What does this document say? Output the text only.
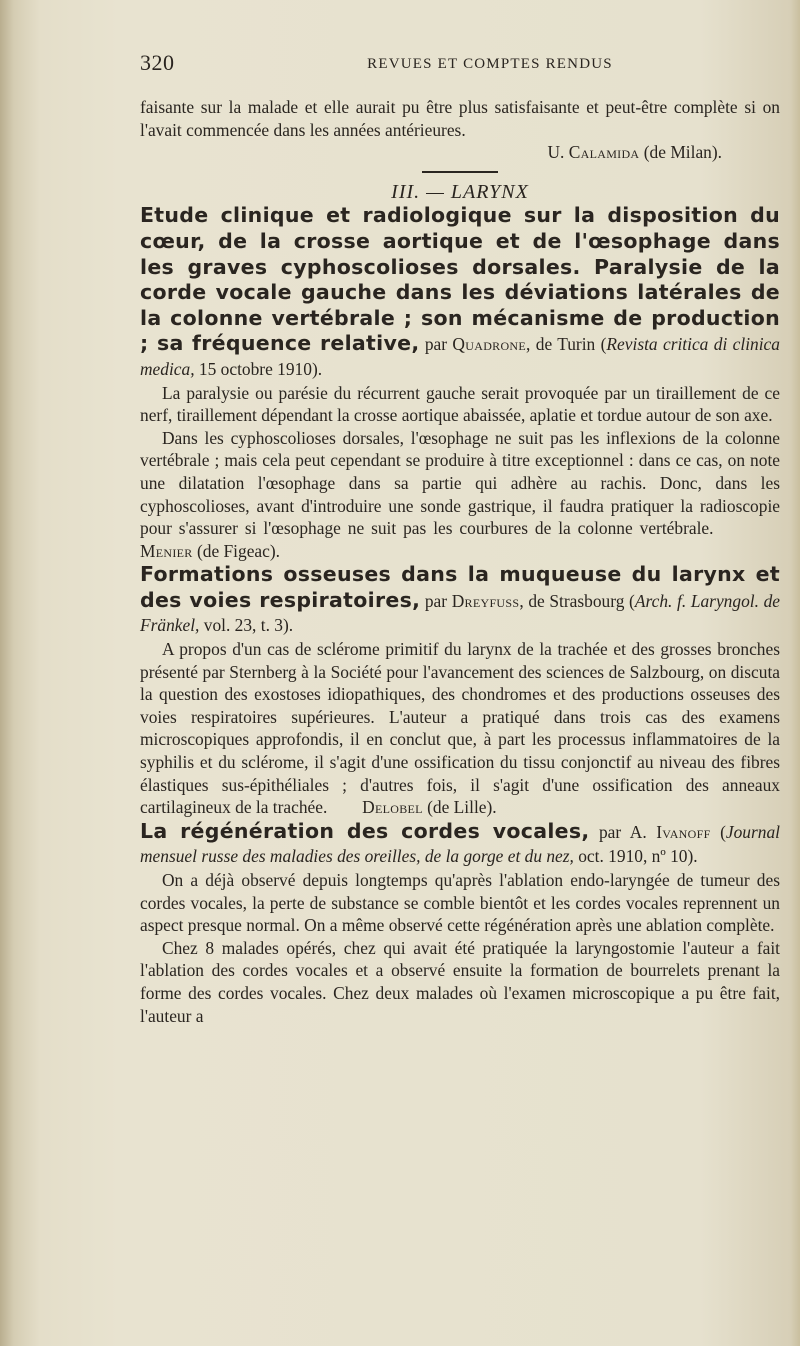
320	REVUES ET COMPTES RENDUS

faisante sur la malade et elle aurait pu être plus satisfaisante et peut-être complète si on l'avait commencée dans les années antérieures.

U. Calamida (de Milan).

III. — LARYNX

Etude clinique et radiologique sur la disposition du cœur, de la crosse aortique et de l'œsophage dans les graves cyphoscolioses dorsales. Paralysie de la corde vocale gauche dans les déviations latérales de la colonne vertébrale ; son mécanisme de production ; sa fréquence relative, par Quadrone, de Turin (Revista critica di clinica medica, 15 octobre 1910).

La paralysie ou parésie du récurrent gauche serait provoquée par un tiraillement de ce nerf, tiraillement dépendant la crosse aortique abaissée, aplatie et tordue autour de son axe.

Dans les cyphoscolioses dorsales, l'œsophage ne suit pas les inflexions de la colonne vertébrale ; mais cela peut cependant se produire à titre exceptionnel : dans ce cas, on note une dilatation l'œsophage dans sa partie qui adhère au rachis. Donc, dans les cyphoscolioses, avant d'introduire une sonde gastrique, il faudra pratiquer la radioscopie pour s'assurer si l'œsophage ne suit pas les courbures de la colonne vertébrale.           Menier (de Figeac).

Formations osseuses dans la muqueuse du larynx et des voies respiratoires, par Dreyfuss, de Strasbourg (Arch. f. Laryngol. de Fränkel, vol. 23, t. 3).

A propos d'un cas de sclérome primitif du larynx de la trachée et des grosses bronches présenté par Sternberg à la Société pour l'avancement des sciences de Salzbourg, on discuta la question des exostoses idiopathiques, des chondromes et des productions osseuses des voies respiratoires supérieures. L'auteur a pratiqué dans trois cas des examens microscopiques approfondis, il en conclut que, à part les processus inflammatoires de la syphilis et du sclérome, il s'agit d'une ossification du tissu conjonctif au niveau des fibres élastiques sus-épithéliales ; d'autres fois, il s'agit d'une ossification des anneaux cartilagineux de la trachée. Delobel (de Lille).

La régénération des cordes vocales, par A. Ivanoff (Journal mensuel russe des maladies des oreilles, de la gorge et du nez, oct. 1910, nº 10).

On a déjà observé depuis longtemps qu'après l'ablation endo-laryngée de tumeur des cordes vocales, la perte de substance se comble bientôt et les cordes vocales reprennent un aspect presque normal. On a même observé cette régénération après une ablation complète.

Chez 8 malades opérés, chez qui avait été pratiquée la laryngostomie l'auteur a fait l'ablation des cordes vocales et a observé ensuite la formation de bourrelets prenant la forme des cordes vocales. Chez deux malades où l'examen microscopique a pu être fait, l'auteur a
